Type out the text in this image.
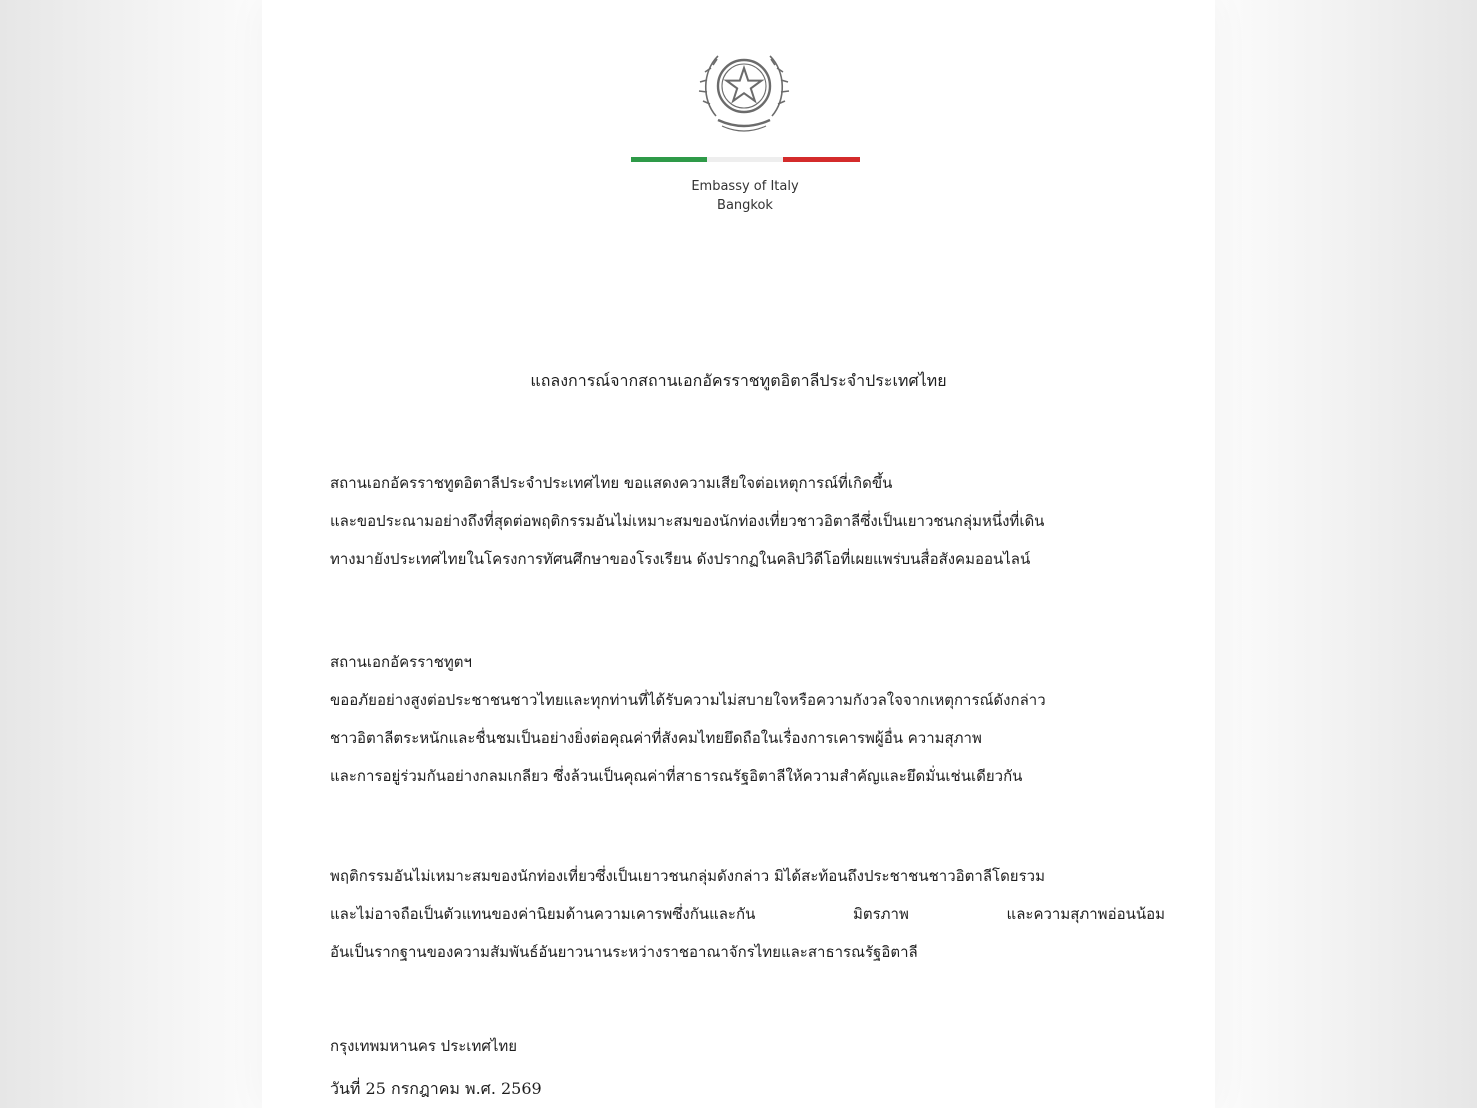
Embassy of Italy
Bangkok
แถลงการณ์จากสถานเอกอัครราชทูตอิตาลีประจำประเทศไทย
สถานเอกอัครราชทูตอิตาลีประจำประเทศไทย ขอแสดงความเสียใจต่อเหตุการณ์ที่เกิดขึ้น
และขอประณามอย่างถึงที่สุดต่อพฤติกรรมอันไม่เหมาะสมของนักท่องเที่ยวชาวอิตาลีซึ่งเป็นเยาวชนกลุ่มหนึ่งที่เดิน
ทางมายังประเทศไทยในโครงการทัศนศึกษาของโรงเรียน ดังปรากฏในคลิปวิดีโอที่เผยแพร่บนสื่อสังคมออนไลน์
สถานเอกอัครราชทูตฯ
ขออภัยอย่างสูงต่อประชาชนชาวไทยและทุกท่านที่ได้รับความไม่สบายใจหรือความกังวลใจจากเหตุการณ์ดังกล่าว
ชาวอิตาลีตระหนักและชื่นชมเป็นอย่างยิ่งต่อคุณค่าที่สังคมไทยยึดถือในเรื่องการเคารพผู้อื่น ความสุภาพ
และการอยู่ร่วมกันอย่างกลมเกลียว ซึ่งล้วนเป็นคุณค่าที่สาธารณรัฐอิตาลีให้ความสำคัญและยึดมั่นเช่นเดียวกัน
พฤติกรรมอันไม่เหมาะสมของนักท่องเที่ยวซึ่งเป็นเยาวชนกลุ่มดังกล่าว มิได้สะท้อนถึงประชาชนชาวอิตาลีโดยรวม
และไม่อาจถือเป็นตัวแทนของค่านิยมด้านความเคารพซึ่งกันและกัน มิตรภาพ และความสุภาพอ่อนน้อม
อันเป็นรากฐานของความสัมพันธ์อันยาวนานระหว่างราชอาณาจักรไทยและสาธารณรัฐอิตาลี
กรุงเทพมหานคร ประเทศไทย
วันที่ 25 กรกฎาคม พ.ศ. 2569
